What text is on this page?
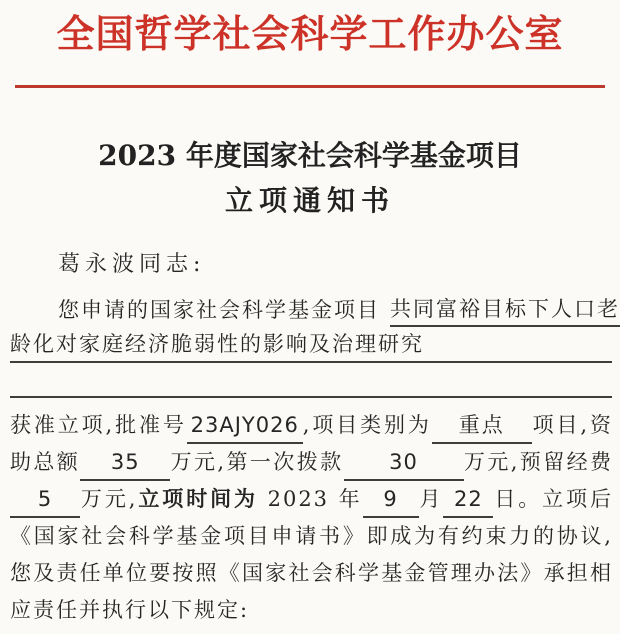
全国哲学社会科学工作办公室
2023 年度国家社会科学基金项目
立项通知书

葛永波同志:

您申请的国家社会科学基金项目 共同富裕目标下人口老
龄化对家庭经济脆弱性的影响及治理研究

获准立项,批准号 23AJY026 ,项目类别为 重点 项目,资助总额 35 万元,第一次拨款 30 万元,预留经费5 万元,立项时间为 2023 年 9 月 22 日。立项后《国家社会科学基金项目申请书》即成为有约束力的协议,您及责任单位要按照《国家社会科学基金管理办法》承担相应责任并执行以下规定:
